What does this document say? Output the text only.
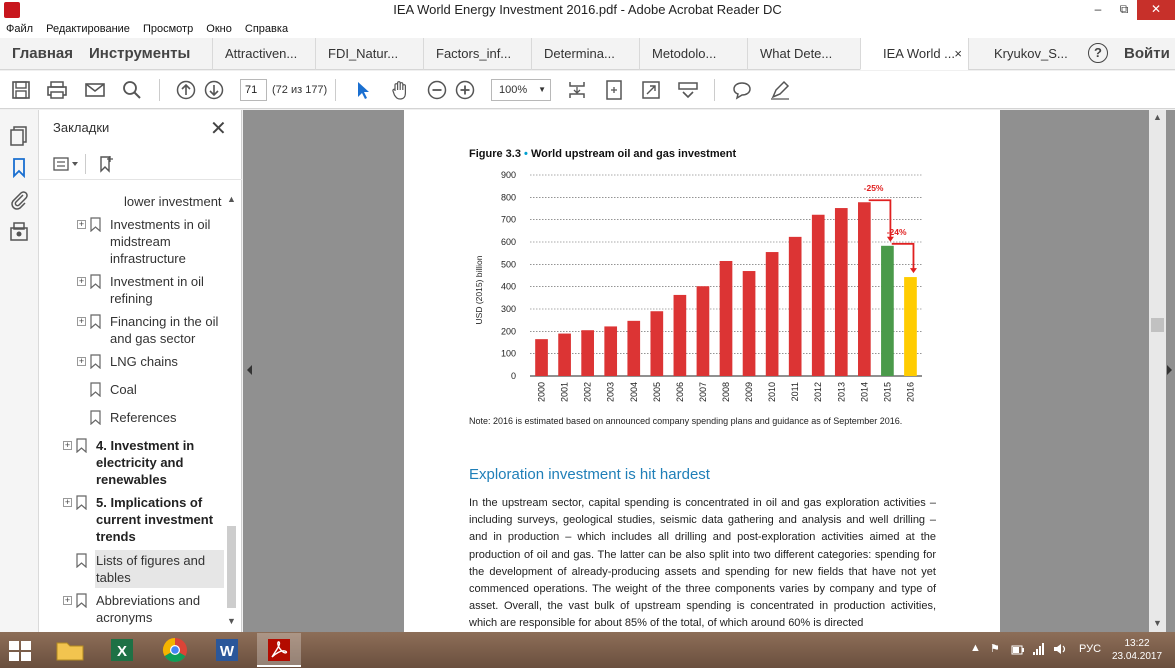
IEA World Energy Investment 2016.pdf - Adobe Acrobat Reader DC	–	⧉	✕
Файл Редактирование Просмотр Окно Справка
Главная Инструменты	Attractiven...	FDI_Natur...	Factors_inf...	Determina...	Metodolo...	What Dete...	IEA World ... ×	Kryukov_S...	?	Войти
71	(72 из 177)	100% ▼
Закладки	✕
lower investment
+ Investments in oil midstream infrastructure
+ Investment in oil refining
+ Financing in the oil and gas sector
+ LNG chains
Coal
References
+ 4. Investment in electricity and renewables
+ 5. Implications of current investment trends
Lists of figures and tables
+ Abbreviations and acronyms
▲
▼
Figure 3.3 • World upstream oil and gas investment
USD (2015) billion
0
100
200
300
400
500
600
700
800
900
2000 2001 2002 2003 2004 2005 2006 2007 2008 2009 2010 2011 2012 2013 2014 2015 2016
-25%
-24%
Note: 2016 is estimated based on announced company spending plans and guidance as of September 2016.
Exploration investment is hit hardest
In the upstream sector, capital spending is concentrated in oil and gas exploration activities – including surveys, geological studies, seismic data gathering and analysis and well drilling – and in production – which includes all drilling and post-exploration activities aimed at the production of oil and gas. The latter can be also split into two different categories: spending for the development of already-producing assets and spending for new fields that have not yet commenced operations. The weight of the three components varies by company and type of asset. Overall, the vast bulk of upstream spending is concentrated in production activities, which are responsible for about 85% of the total, of which around 60% is directed
▲
▼
X	W	▲ ⚑	РУС	13:22
23.04.2017
